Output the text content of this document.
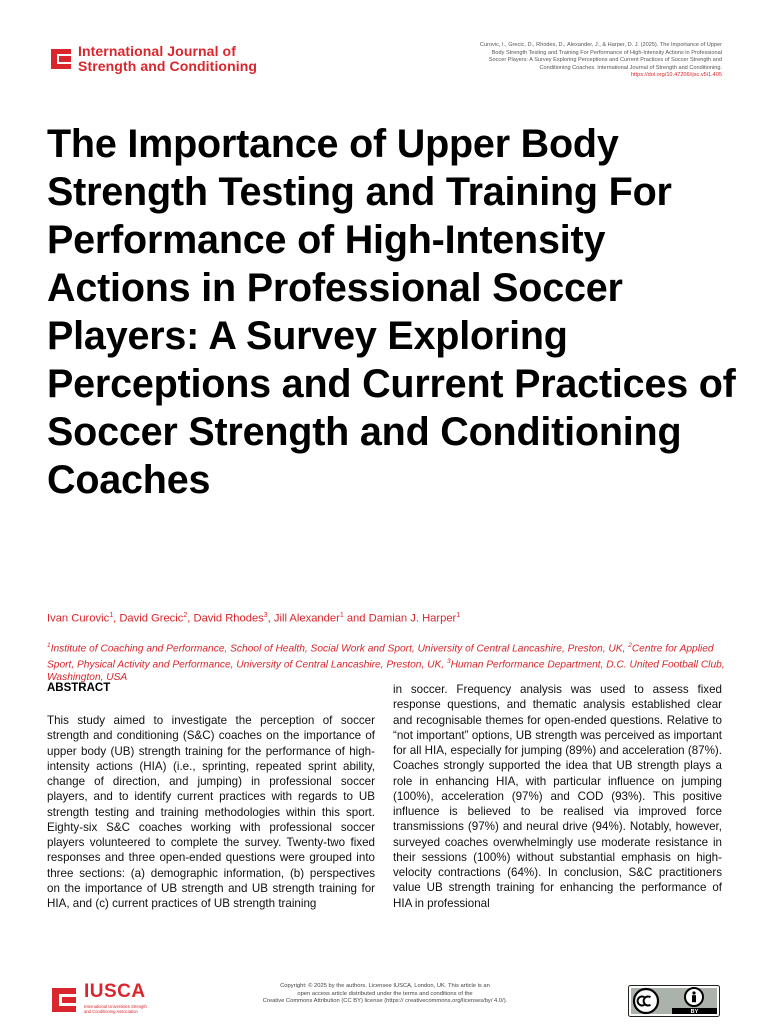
International Journal of
Strength and Conditioning
Curovic, I., Grecic, D., Rhodes, D., Alexander, J., & Harper, D. J. (2025). The Importance of Upper
Body Strength Testing and Training For Performance of High-Intensity Actions in Professional
Soccer Players: A Survey Exploring Perceptions and Current Practices of Soccer Strength and
Conditioning Coaches. International Journal of Strength and Conditioning.
https://doi.org/10.47206/ijsc.v5i1.405
The Importance of Upper Body Strength Testing and Training For Performance of High-Intensity Actions in Professional Soccer Players: A Survey Exploring Perceptions and Current Practices of Soccer Strength and Conditioning Coaches
Ivan Curovic$^1$, David Grecic$^2$, David Rhodes$^3$, Jill Alexander$^1$ and Damian J. Harper$^1$
$^1$Institute of Coaching and Performance, School of Health, Social Work and Sport, University of Central Lancashire, Preston, UK, $^2$Centre for Applied Sport, Physical Activity and Performance, University of Central Lancashire, Preston, UK, $^3$Human Performance Department, D.C. United Football Club, Washington, USA
ABSTRACT
This study aimed to investigate the perception of soccer strength and conditioning (S&C) coaches on the importance of upper body (UB) strength training for the performance of high-intensity actions (HIA) (i.e., sprinting, repeated sprint ability, change of direction, and jumping) in professional soccer players, and to identify current practices with regards to UB strength testing and training methodologies within this sport. Eighty-six S&C coaches working with professional soccer players volunteered to complete the survey. Twenty-two fixed responses and three open-ended questions were grouped into three sections: (a) demographic information, (b) perspectives on the importance of UB strength and UB strength training for HIA, and (c) current practices of UB strength training
in soccer. Frequency analysis was used to assess fixed response questions, and thematic analysis established clear and recognisable themes for open-ended questions. Relative to “not important” options, UB strength was perceived as important for all HIA, especially for jumping (89%) and acceleration (87%). Coaches strongly supported the idea that UB strength plays a role in enhancing HIA, with particular influence on jumping (100%), acceleration (97%) and COD (93%). This positive influence is believed to be realised via improved force transmissions (97%) and neural drive (94%). Notably, however, surveyed coaches overwhelmingly use moderate resistance in their sessions (100%) without substantial emphasis on high-velocity contractions (64%). In conclusion, S&C practitioners value UB strength training for enhancing the performance of HIA in professional
IUSCA
International Universities Strength
and Conditioning Association
Copyright: © 2025 by the authors. Licensee IUSCA, London, UK. This article is an
open access article distributed under the terms and conditions of the
Creative Commons Attribution (CC BY) license (https:// creativecommons.org/licenses/by/ 4.0/).
BY
